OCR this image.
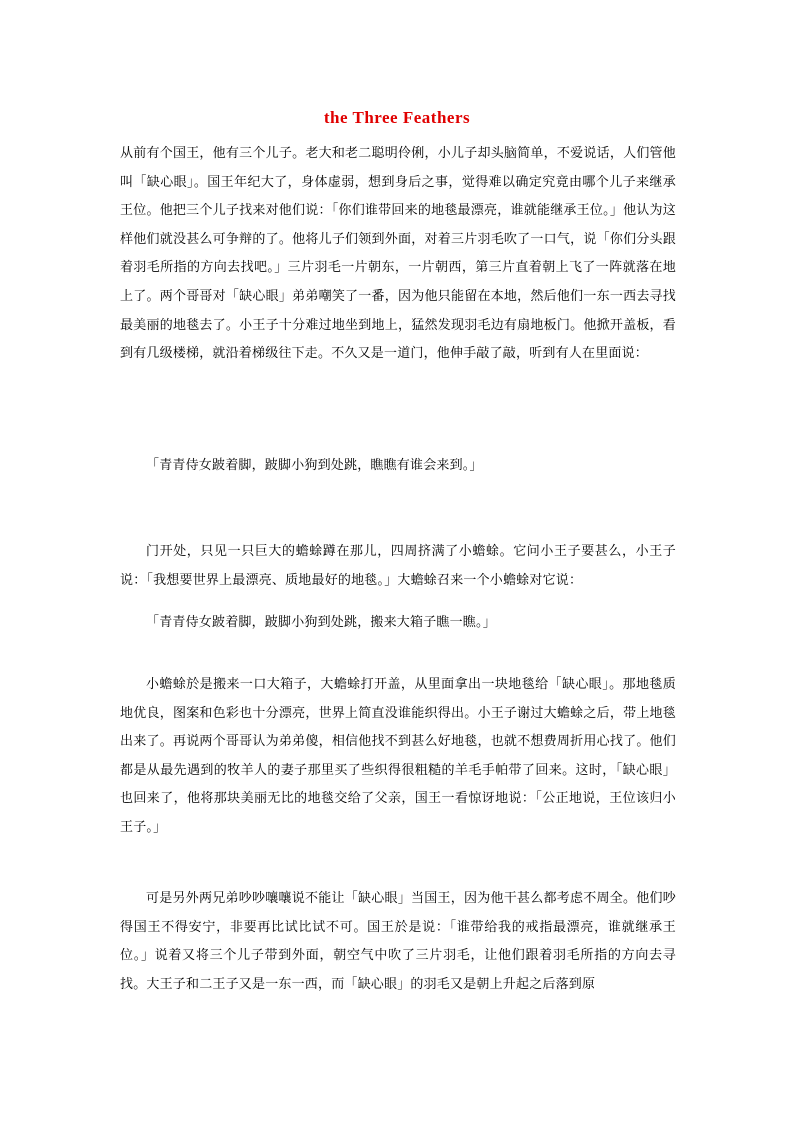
the Three Feathers

从前有个国王，他有三个儿子。老大和老二聪明伶俐，小儿子却头脑简单，不爱说话，人们管他叫「缺心眼」。国王年纪大了，身体虚弱，想到身后之事，觉得难以确定究竟由哪个儿子来继承王位。他把三个儿子找来对他们说：「你们谁带回来的地毯最漂亮，谁就能继承王位。」他认为这样他们就没甚么可争辩的了。他将儿子们领到外面，对着三片羽毛吹了一口气，说「你们分头跟着羽毛所指的方向去找吧。」三片羽毛一片朝东，一片朝西，第三片直着朝上飞了一阵就落在地上了。两个哥哥对「缺心眼」弟弟嘲笑了一番，因为他只能留在本地，然后他们一东一西去寻找最美丽的地毯去了。小王子十分难过地坐到地上，猛然发现羽毛边有扇地板门。他掀开盖板，看到有几级楼梯，就沿着梯级往下走。不久又是一道门，他伸手敲了敲，听到有人在里面说：

「青青侍女跛着脚，跛脚小狗到处跳，瞧瞧有谁会来到。」

门开处，只见一只巨大的蟾蜍蹲在那儿，四周挤满了小蟾蜍。它问小王子要甚么，小王子说：「我想要世界上最漂亮、质地最好的地毯。」大蟾蜍召来一个小蟾蜍对它说：

「青青侍女跛着脚，跛脚小狗到处跳，搬来大箱子瞧一瞧。」

小蟾蜍於是搬来一口大箱子，大蟾蜍打开盖，从里面拿出一块地毯给「缺心眼」。那地毯质地优良，图案和色彩也十分漂亮，世界上简直没谁能织得出。小王子谢过大蟾蜍之后，带上地毯出来了。再说两个哥哥认为弟弟傻，相信他找不到甚么好地毯，也就不想费周折用心找了。他们都是从最先遇到的牧羊人的妻子那里买了些织得很粗糙的羊毛手帕带了回来。这时，「缺心眼」也回来了，他将那块美丽无比的地毯交给了父亲，国王一看惊讶地说：「公正地说，王位该归小王子。」

可是另外两兄弟吵吵嚷嚷说不能让「缺心眼」当国王，因为他干甚么都考虑不周全。他们吵得国王不得安宁，非要再比试比试不可。国王於是说：「谁带给我的戒指最漂亮，谁就继承王位。」说着又将三个儿子带到外面，朝空气中吹了三片羽毛，让他们跟着羽毛所指的方向去寻找。大王子和二王子又是一东一西，而「缺心眼」的羽毛又是朝上升起之后落到原
